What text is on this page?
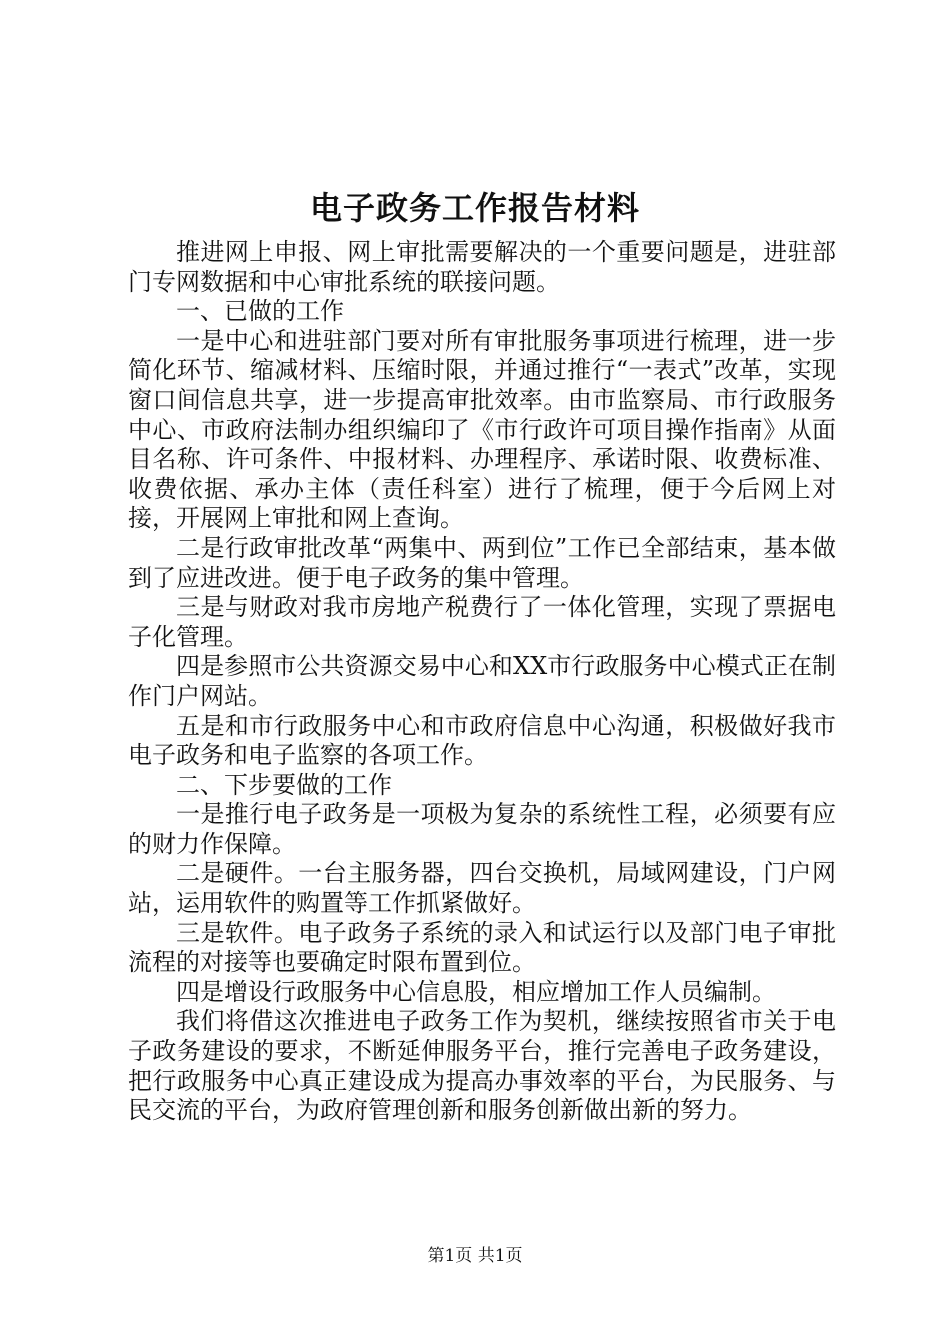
电子政务工作报告材料

推进网上申报、网上审批需要解决的一个重要问题是，进驻部门专网数据和中心审批系统的联接问题。

一、已做的工作

一是中心和进驻部门要对所有审批服务事项进行梳理，进一步简化环节、缩减材料、压缩时限，并通过推行“一表式”改革，实现窗口间信息共享，进一步提高审批效率。由市监察局、市行政服务中心、市政府法制办组织编印了《市行政许可项目操作指南》从面目名称、许可条件、中报材料、办理程序、承诺时限、收费标准、收费依据、承办主体（责任科室）进行了梳理，便于今后网上对接，开展网上审批和网上查询。

二是行政审批改革“两集中、两到位”工作已全部结束，基本做到了应进改进。便于电子政务的集中管理。

三是与财政对我市房地产税费行了一体化管理，实现了票据电子化管理。

四是参照市公共资源交易中心和XX市行政服务中心模式正在制作门户网站。

五是和市行政服务中心和市政府信息中心沟通，积极做好我市电子政务和电子监察的各项工作。

二、下步要做的工作

一是推行电子政务是一项极为复杂的系统性工程，必须要有应的财力作保障。

二是硬件。一台主服务器，四台交换机，局域网建设，门户网站，运用软件的购置等工作抓紧做好。

三是软件。电子政务子系统的录入和试运行以及部门电子审批流程的对接等也要确定时限布置到位。

四是增设行政服务中心信息股，相应增加工作人员编制。

我们将借这次推进电子政务工作为契机，继续按照省市关于电子政务建设的要求，不断延伸服务平台，推行完善电子政务建设，把行政服务中心真正建设成为提高办事效率的平台，为民服务、与民交流的平台，为政府管理创新和服务创新做出新的努力。

第1页 共1页
